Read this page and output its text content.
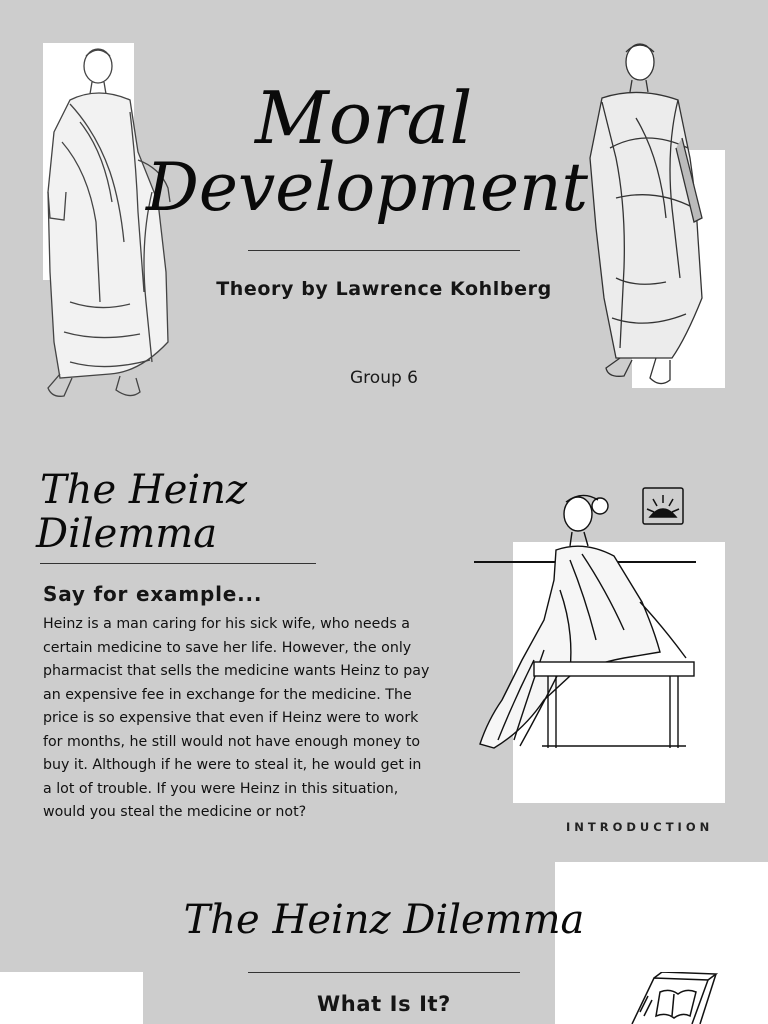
Moral
Development
Theory by Lawrence Kohlberg
Group 6
The Heinz
Dilemma
Say for example...
Heinz is a man caring for his sick wife, who needs a
certain medicine to save her life. However, the only
pharmacist that sells the medicine wants Heinz to pay
an expensive fee in exchange for the medicine. The
price is so expensive that even if Heinz were to work
for months, he still would not have enough money to
buy it. Although if he were to steal it, he would get in
a lot of trouble. If you were Heinz in this situation,
would you steal the medicine or not?
INTRODUCTION
The Heinz Dilemma
What Is It?
